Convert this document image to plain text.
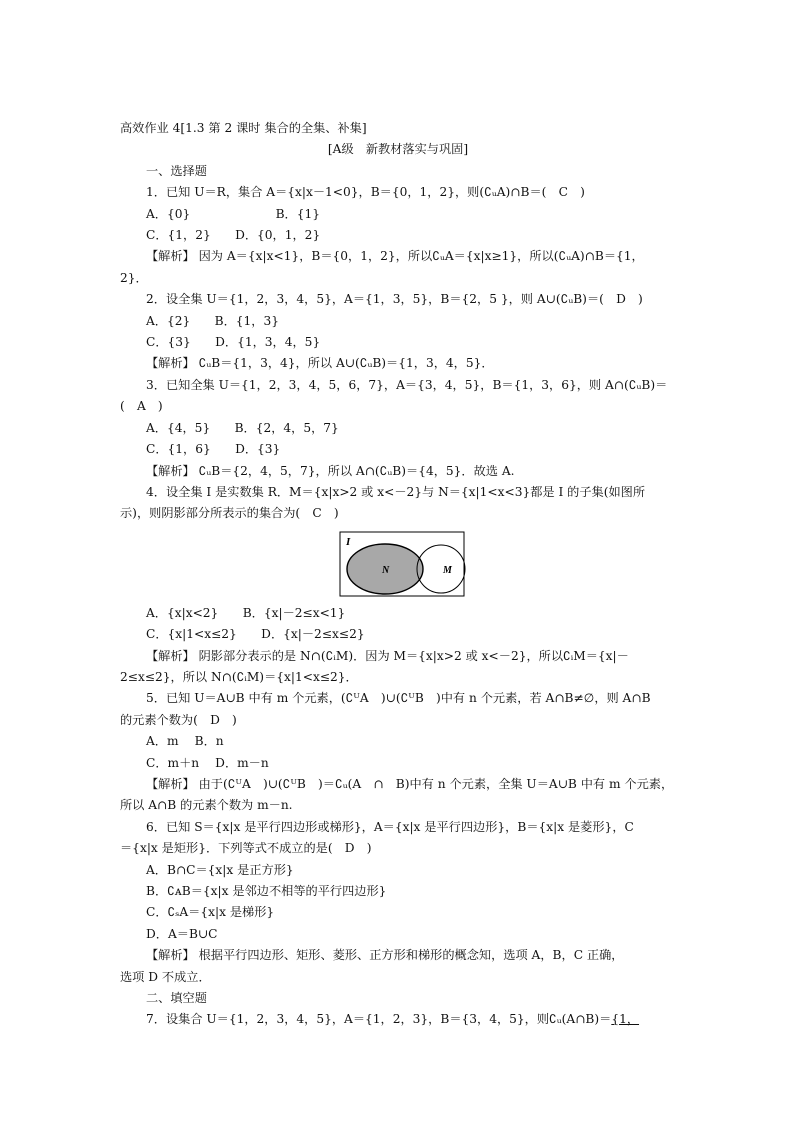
高效作业 4[1.3 第 2 课时 集合的全集、补集]
[A级　新教材落实与巩固]
一、选择题
1．已知 U＝R，集合 A＝{x|x－1<0}，B＝{0，1，2}，则(∁ᵤA)∩B＝(　C　)
A．{0}　　　　　　　B．{1}
C．{1，2}　　D．{0，1，2}
【解析】 因为 A＝{x|x<1}，B＝{0，1，2}，所以∁ᵤA＝{x|x≥1}，所以(∁ᵤA)∩B＝{1，
2}．
2．设全集 U＝{1，2，3，4，5}，A＝{1，3，5}，B＝{2，5 }，则 A∪(∁ᵤB)＝(　D　)
A．{2}　　B．{1，3}
C．{3}　　D．{1，3，4，5}
【解析】 ∁ᵤB＝{1，3，4}，所以 A∪(∁ᵤB)＝{1，3，4，5}．
3．已知全集 U＝{1，2，3，4，5，6，7}，A＝{3，4，5}，B＝{1，3，6}，则 A∩(∁ᵤB)＝
(　A　)
A．{4，5}　　B．{2，4，5，7}
C．{1，6}　　D．{3}
【解析】 ∁ᵤB＝{2，4，5，7}，所以 A∩(∁ᵤB)＝{4，5}．故选 A.
4．设全集 I 是实数集 R．M＝{x|x>2 或 x<－2}与 N＝{x|1<x<3}都是 I 的子集(如图所
示)，则阴影部分所表示的集合为(　C　)
I
N	M
A．{x|x<2}　　B．{x|－2≤x<1}
C．{x|1<x≤2}　　D．{x|－2≤x≤2}
【解析】 阴影部分表示的是 N∩(∁ᵢM)．因为 M＝{x|x>2 或 x<－2}，所以∁ᵢM＝{x|－
2≤x≤2}，所以 N∩(∁ᵢM)＝{x|1<x≤2}．
5．已知 U＝A∪B 中有 m 个元素，(∁ᵁA　)∪(∁ᵁB　)中有 n 个元素，若 A∩B≠∅，则 A∩B
的元素个数为(　D　)
A．m　 B．n
C．m＋n　 D．m－n
【解析】 由于(∁ᵁA　)∪(∁ᵁB　)＝∁ᵤ(A　∩　B)中有 n 个元素，全集 U＝A∪B 中有 m 个元素，
所以 A∩B 的元素个数为 m－n.
6．已知 S＝{x|x 是平行四边形或梯形}，A＝{x|x 是平行四边形}，B＝{x|x 是菱形}，C
＝{x|x 是矩形}．下列等式不成立的是(　D　)
A．B∩C＝{x|x 是正方形}
B．∁ᴀB＝{x|x 是邻边不相等的平行四边形}
C．∁ₛA＝{x|x 是梯形}
D．A＝B∪C
【解析】 根据平行四边形、矩形、菱形、正方形和梯形的概念知，选项 A，B，C 正确，
选项 D 不成立．
二、填空题
7．设集合 U＝{1，2，3，4，5}，A＝{1，2，3}，B＝{3，4，5}，则∁ᵤ(A∩B)＝{1，
